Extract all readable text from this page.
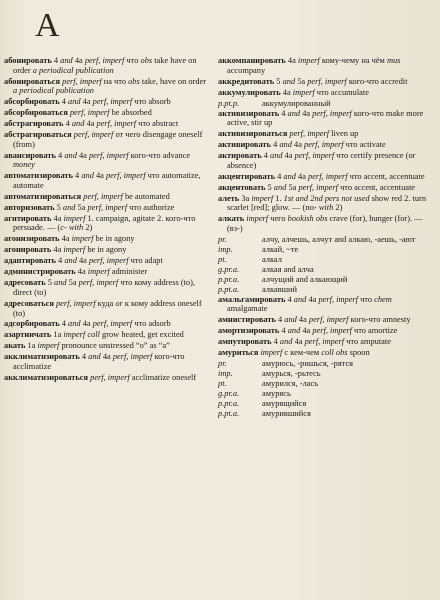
А
абонировать 4 and 4а perf, imperf что obs take have on order a periodical publication
абонироваться perf, imperf на что obs take, have on order a periodical publication
абсорбировать 4 and 4а perf, imperf что absorb
абсорбироваться perf, imperf be absorbed
абстрагировать 4 and 4а perf, imperf что abstract
абстрагироваться perf, imperf от чего disengage oneself (from)
авансировать 4 and 4а perf, imperf кого-что advance money
автоматизировать 4 and 4а perf, imperf что automatize, automate
автоматизироваться perf, imperf be automated
авторизовать 5 and 5а perf, imperf что authorize
агитировать 4а imperf 1. campaign, agitate 2. кого-что persuade. — (c- with 2)
агонизировать 4а imperf be in agony
агонировать 4а imperf be in agony
адаптировать 4 and 4а perf, imperf что adapt
администрировать 4а imperf administer
адресовать 5 and 5а perf, imperf что кому address (to), direct (to)
адресоваться perf, imperf куда or к кому address oneself (to)
адсорбировать 4 and 4а perf, imperf что adsorb
азартничать 1а imperf coll grow heated, get excited
акать 1а imperf pronounce unstressed “o” as “a”
акклиматизировать 4 and 4а perf, imperf кого-что acclimatize
акклиматизироваться perf, imperf acclimatize oneself
аккомпанировать 4а imperf кому-чему на чём mus accompany
аккредитовать 5 and 5а perf, imperf кого-что accredit
аккумулировать 4а imperf что accumulate
p.pt.p.	аккумулированный
активизировать 4 and 4а perf, imperf кого-что make more active, stir up
активизироваться perf, imperf liven up
активировать 4 and 4а perf, imperf что activate
актировать 4 and 4а perf, imperf что certify presence (or absence)
акцентировать 4 and 4а perf, imperf что accent, accentuate
акцентовать 5 and 5а perf, imperf что accent, accentuate
алеть 3а imperf 1. 1st and 2nd pers not used show red 2. turn scarlet [red]; glow. — (по- with 2)
алкать imperf чего bookish obs crave (for), hunger (for). — (вз-)
pr.	алчу, алчешь, алчут and алкаю, -аешь, -ают
imp.	алкай, ~те
pt.	алкал
g.pr.a.	алкая and алча
p.pr.a.	алчущий and алкающий
p.pt.a.	алкавший
амальгамировать 4 and 4а perf, imperf что chem amalgamate
амнистировать 4 and 4а perf, imperf кого-что amnesty
амортизировать 4 and 4а perf, imperf что amortize
ампутировать 4 and 4а perf, imperf что amputate
амуриться imperf с кем-чем coll obs spoon
pr.	амурюсь, -ришься, -рятся
imp.	амурься, -рьтесь
pt.	амурился, -лась
g.pr.a.	амурясь
p.pr.a.	амурящийся
p.pt.a.	амурившийся
